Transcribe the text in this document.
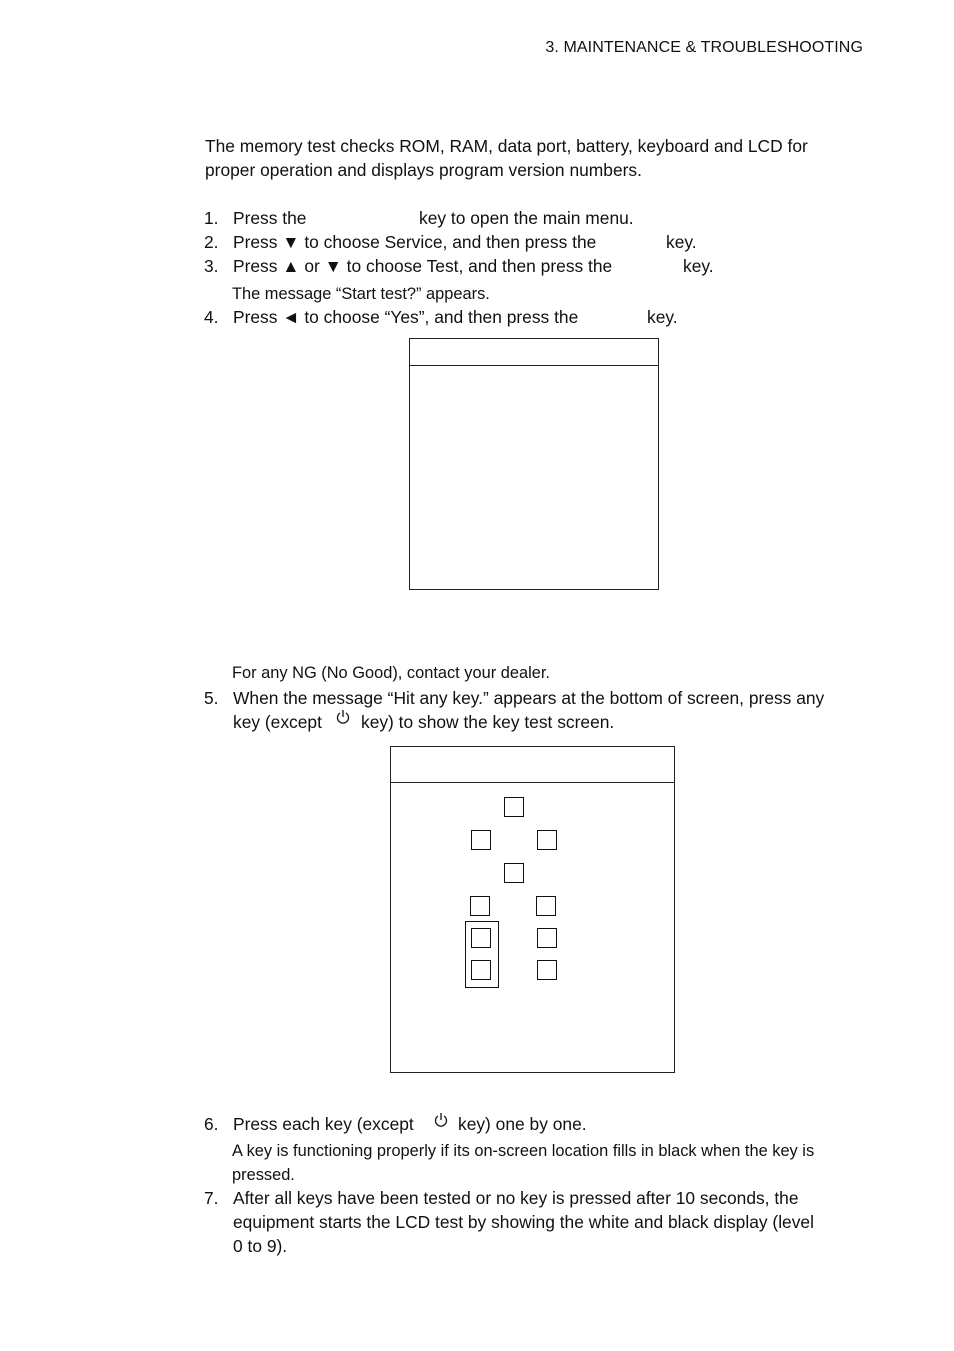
3. MAINTENANCE & TROUBLESHOOTING
The memory test checks ROM, RAM, data port, battery, keyboard and LCD for
proper operation and displays program version numbers.
1. Press the	key to open the main menu.
2. Press ▼ to choose Service, and then press the	key.
3. Press ▲ or ▼ to choose Test, and then press the	key.
The message “Start test?” appears.
4. Press ◄ to choose “Yes”, and then press the	key.
For any NG (No Good), contact your dealer.
5. When the message “Hit any key.” appears at the bottom of screen, press any
key (except key) to show the key test screen.
6. Press each key (except	key) one by one.
A key is functioning properly if its on-screen location fills in black when the key is
pressed.
7. After all keys have been tested or no key is pressed after 10 seconds, the
equipment starts the LCD test by showing the white and black display (level
0 to 9).
